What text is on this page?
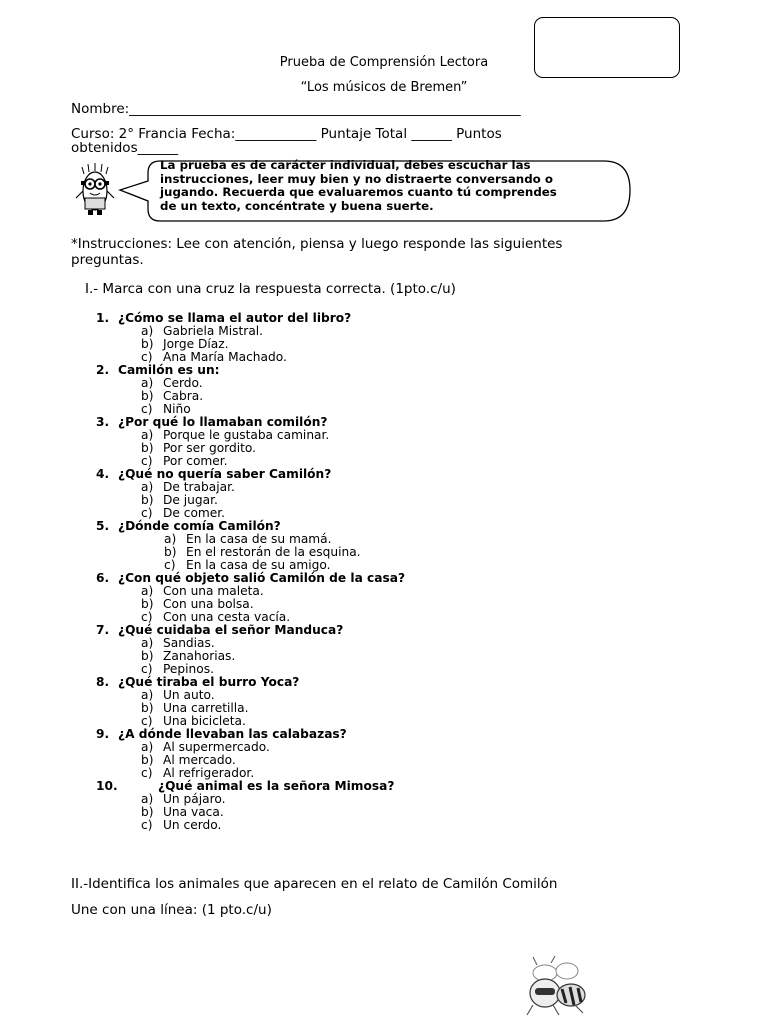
Prueba de Comprensión Lectora
“Los músicos de Bremen”
Nombre:__________________________________________________________
Curso: 2° Francia Fecha:____________ Puntaje Total ______ Puntos
obtenidos______
La prueba es de carácter individual, debes escuchar las
instrucciones, leer muy bien y no distraerte conversando o
jugando. Recuerda que evaluaremos cuanto tú comprendes
de un texto, concéntrate y buena suerte.
*Instrucciones: Lee con atención, piensa y luego responde las siguientes
preguntas.
I.- Marca con una cruz la respuesta correcta. (1pto.c/u)
1. ¿Cómo se llama el autor del libro?
a) Gabriela Mistral.
b) Jorge Díaz.
c) Ana María Machado.
2. Camilón es un:
a) Cerdo.
b) Cabra.
c) Niño
3. ¿Por qué lo llamaban comilón?
a) Porque le gustaba caminar.
b) Por ser gordito.
c) Por comer.
4. ¿Qué no quería saber Camilón?
a) De trabajar.
b) De jugar.
c) De comer.
5. ¿Dónde comía Camilón?
a) En la casa de su mamá.
b) En el restorán de la esquina.
c) En la casa de su amigo.
6. ¿Con qué objeto salió Camilón de la casa?
a) Con una maleta.
b) Con una bolsa.
c) Con una cesta vacía.
7. ¿Qué cuidaba el señor Manduca?
a) Sandias.
b) Zanahorias.
c) Pepinos.
8. ¿Qué tiraba el burro Yoca?
a) Un auto.
b) Una carretilla.
c) Una bicicleta.
9. ¿A dónde llevaban las calabazas?
a) Al supermercado.
b) Al mercado.
c) Al refrigerador.
10.	¿Qué animal es la señora Mimosa?
a) Un pájaro.
b) Una vaca.
c) Un cerdo.
II.-Identifica los animales que aparecen en el relato de Camilón Comilón
Une con una línea: (1 pto.c/u)
